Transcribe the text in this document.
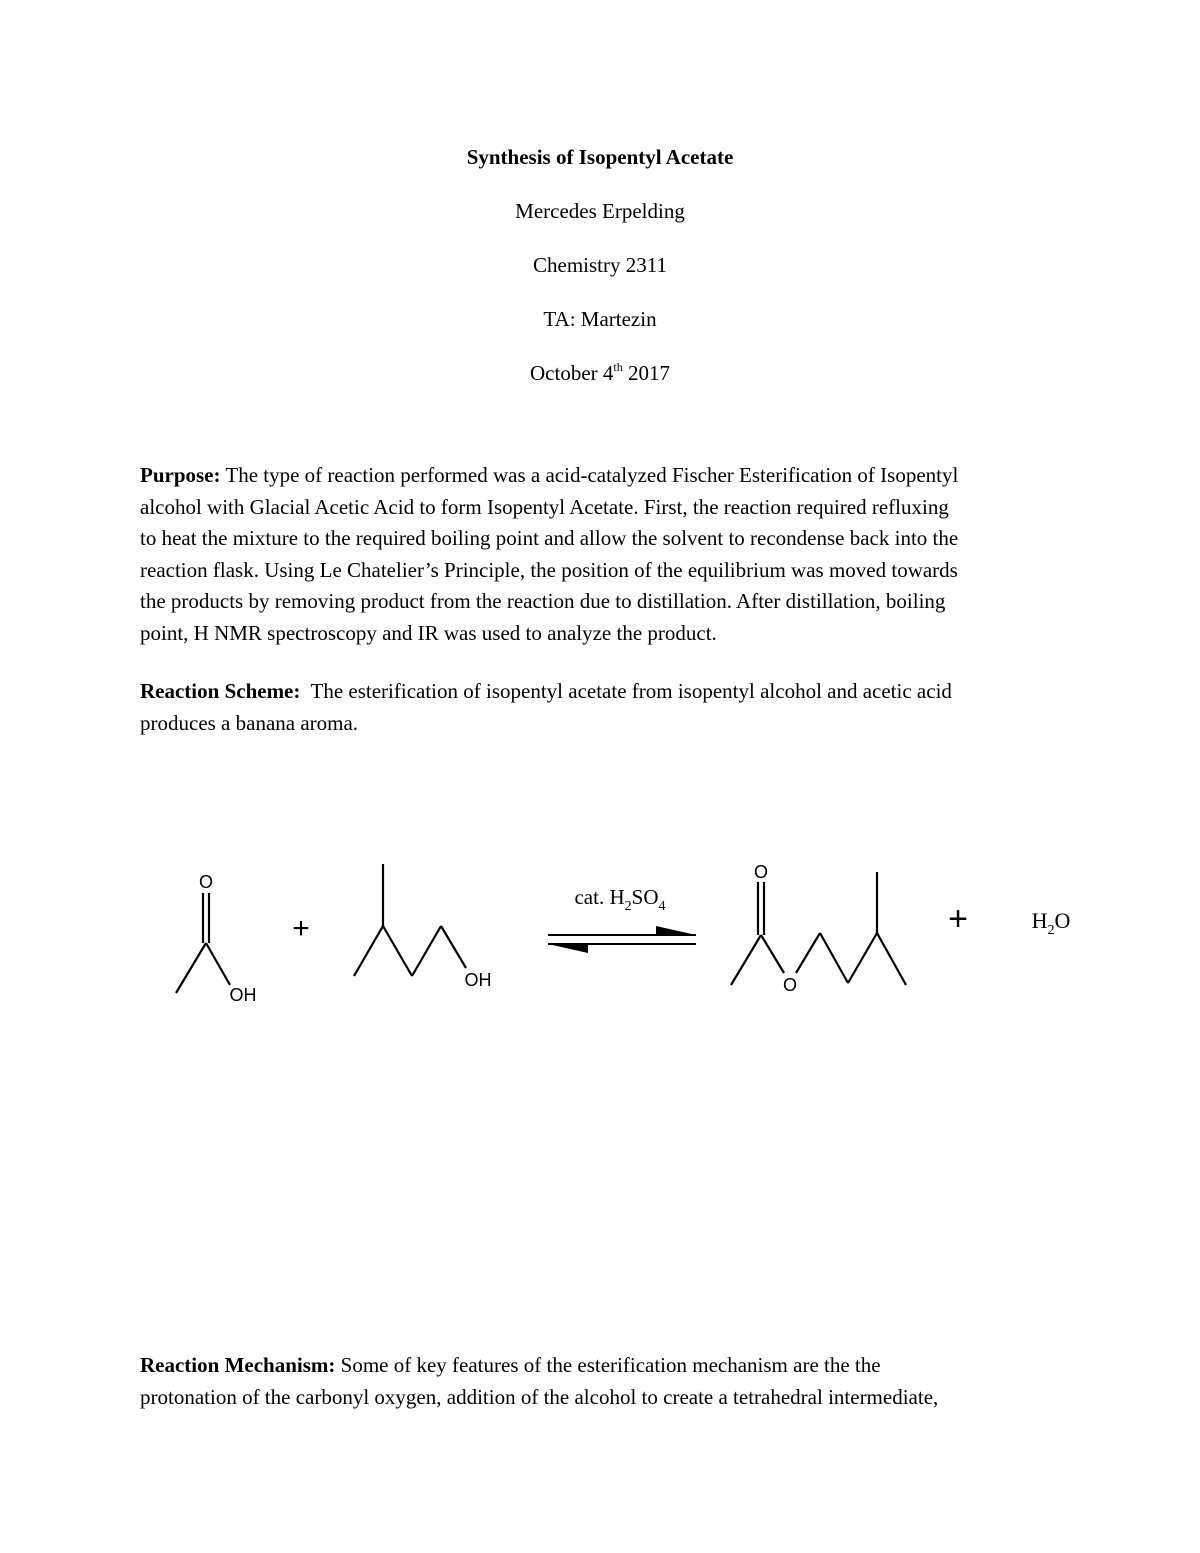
Synthesis of Isopentyl Acetate
Mercedes Erpelding
Chemistry 2311
TA: Martezin
October 4th 2017

Purpose: The type of reaction performed was a acid-catalyzed Fischer Esterification of Isopentyl
alcohol with Glacial Acetic Acid to form Isopentyl Acetate. First, the reaction required refluxing
to heat the mixture to the required boiling point and allow the solvent to recondense back into the
reaction flask. Using Le Chatelier’s Principle, the position of the equilibrium was moved towards
the products by removing product from the reaction due to distillation. After distillation, boiling
point, H NMR spectroscopy and IR was used to analyze the product.

Reaction Scheme:  The esterification of isopentyl acetate from isopentyl alcohol and acetic acid
produces a banana aroma.

O
OH
+
OH
cat. $H_2SO_4$
O
O
+	$H_2O$

Reaction Mechanism: Some of key features of the esterification mechanism are the the
protonation of the carbonyl oxygen, addition of the alcohol to create a tetrahedral intermediate,
